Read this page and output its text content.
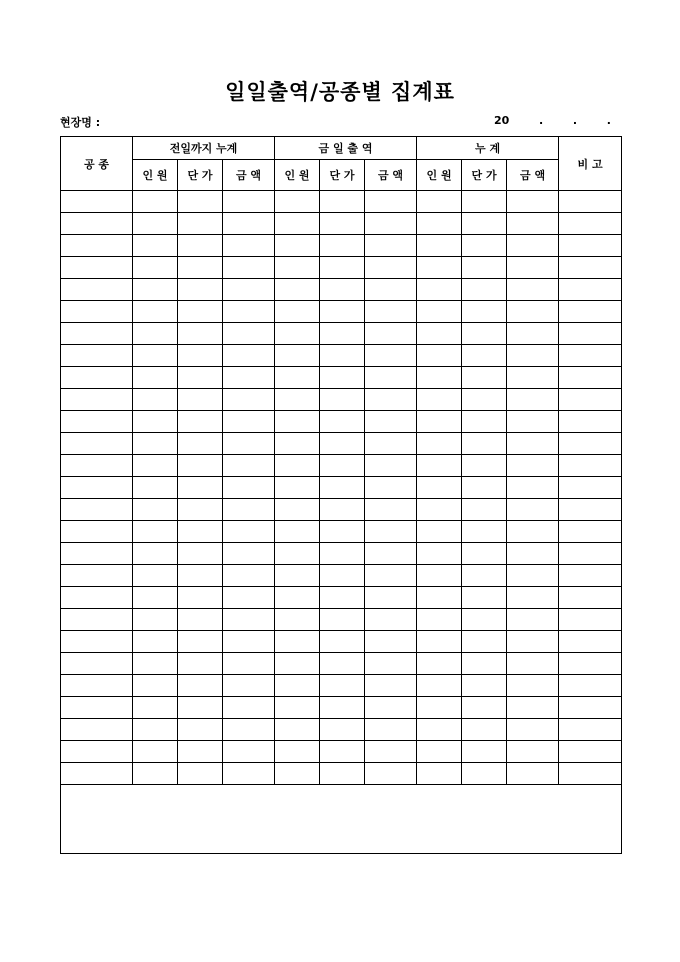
일일출역/공종별 집계표
현장명 :	20	.	.	.
공 종	전일까지 누계			금 일 출 역			누 계			비 고
	인 원	단 가	금 액	인 원	단 가	금 액	인 원	단 가	금 액	
